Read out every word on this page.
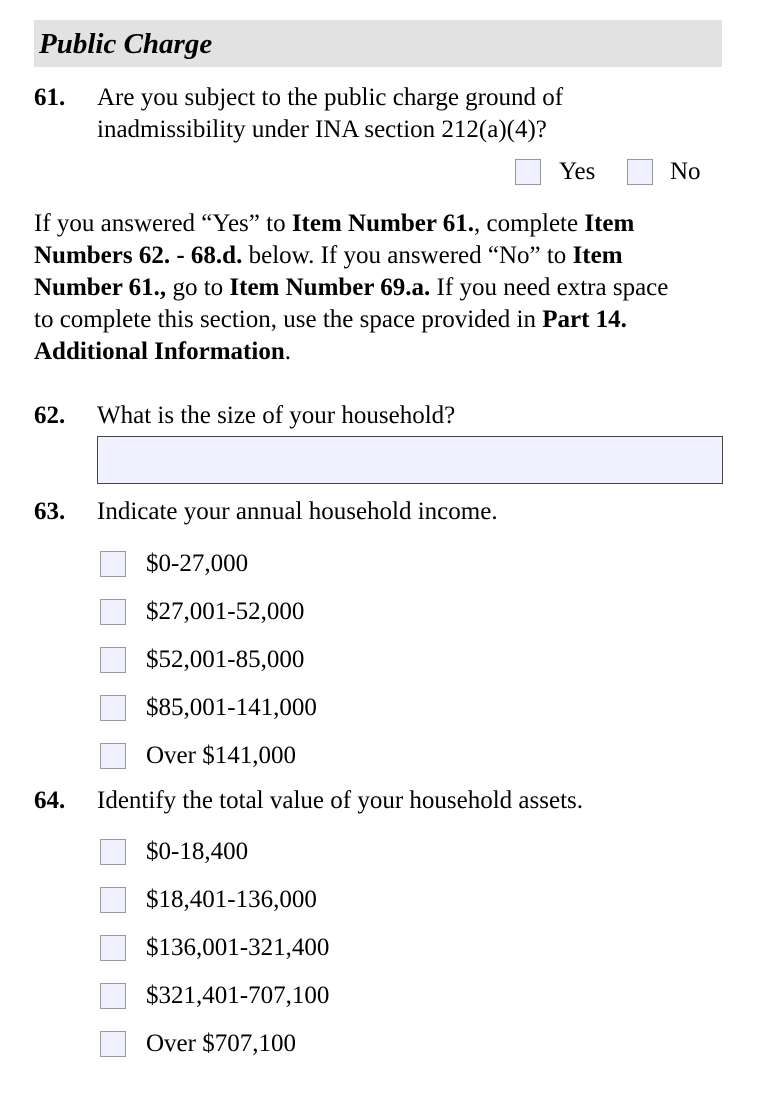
Public Charge
61. Are you subject to the public charge ground of
inadmissibility under INA section 212(a)(4)?
Yes	No
If you answered “Yes” to Item Number 61., complete Item
Numbers 62. - 68.d. below. If you answered “No” to Item
Number 61., go to Item Number 69.a. If you need extra space
to complete this section, use the space provided in Part 14.
Additional Information.
62. What is the size of your household?
63. Indicate your annual household income.
$0-27,000
$27,001-52,000
$52,001-85,000
$85,001-141,000
Over $141,000
64. Identify the total value of your household assets.
$0-18,400
$18,401-136,000
$136,001-321,400
$321,401-707,100
Over $707,100
